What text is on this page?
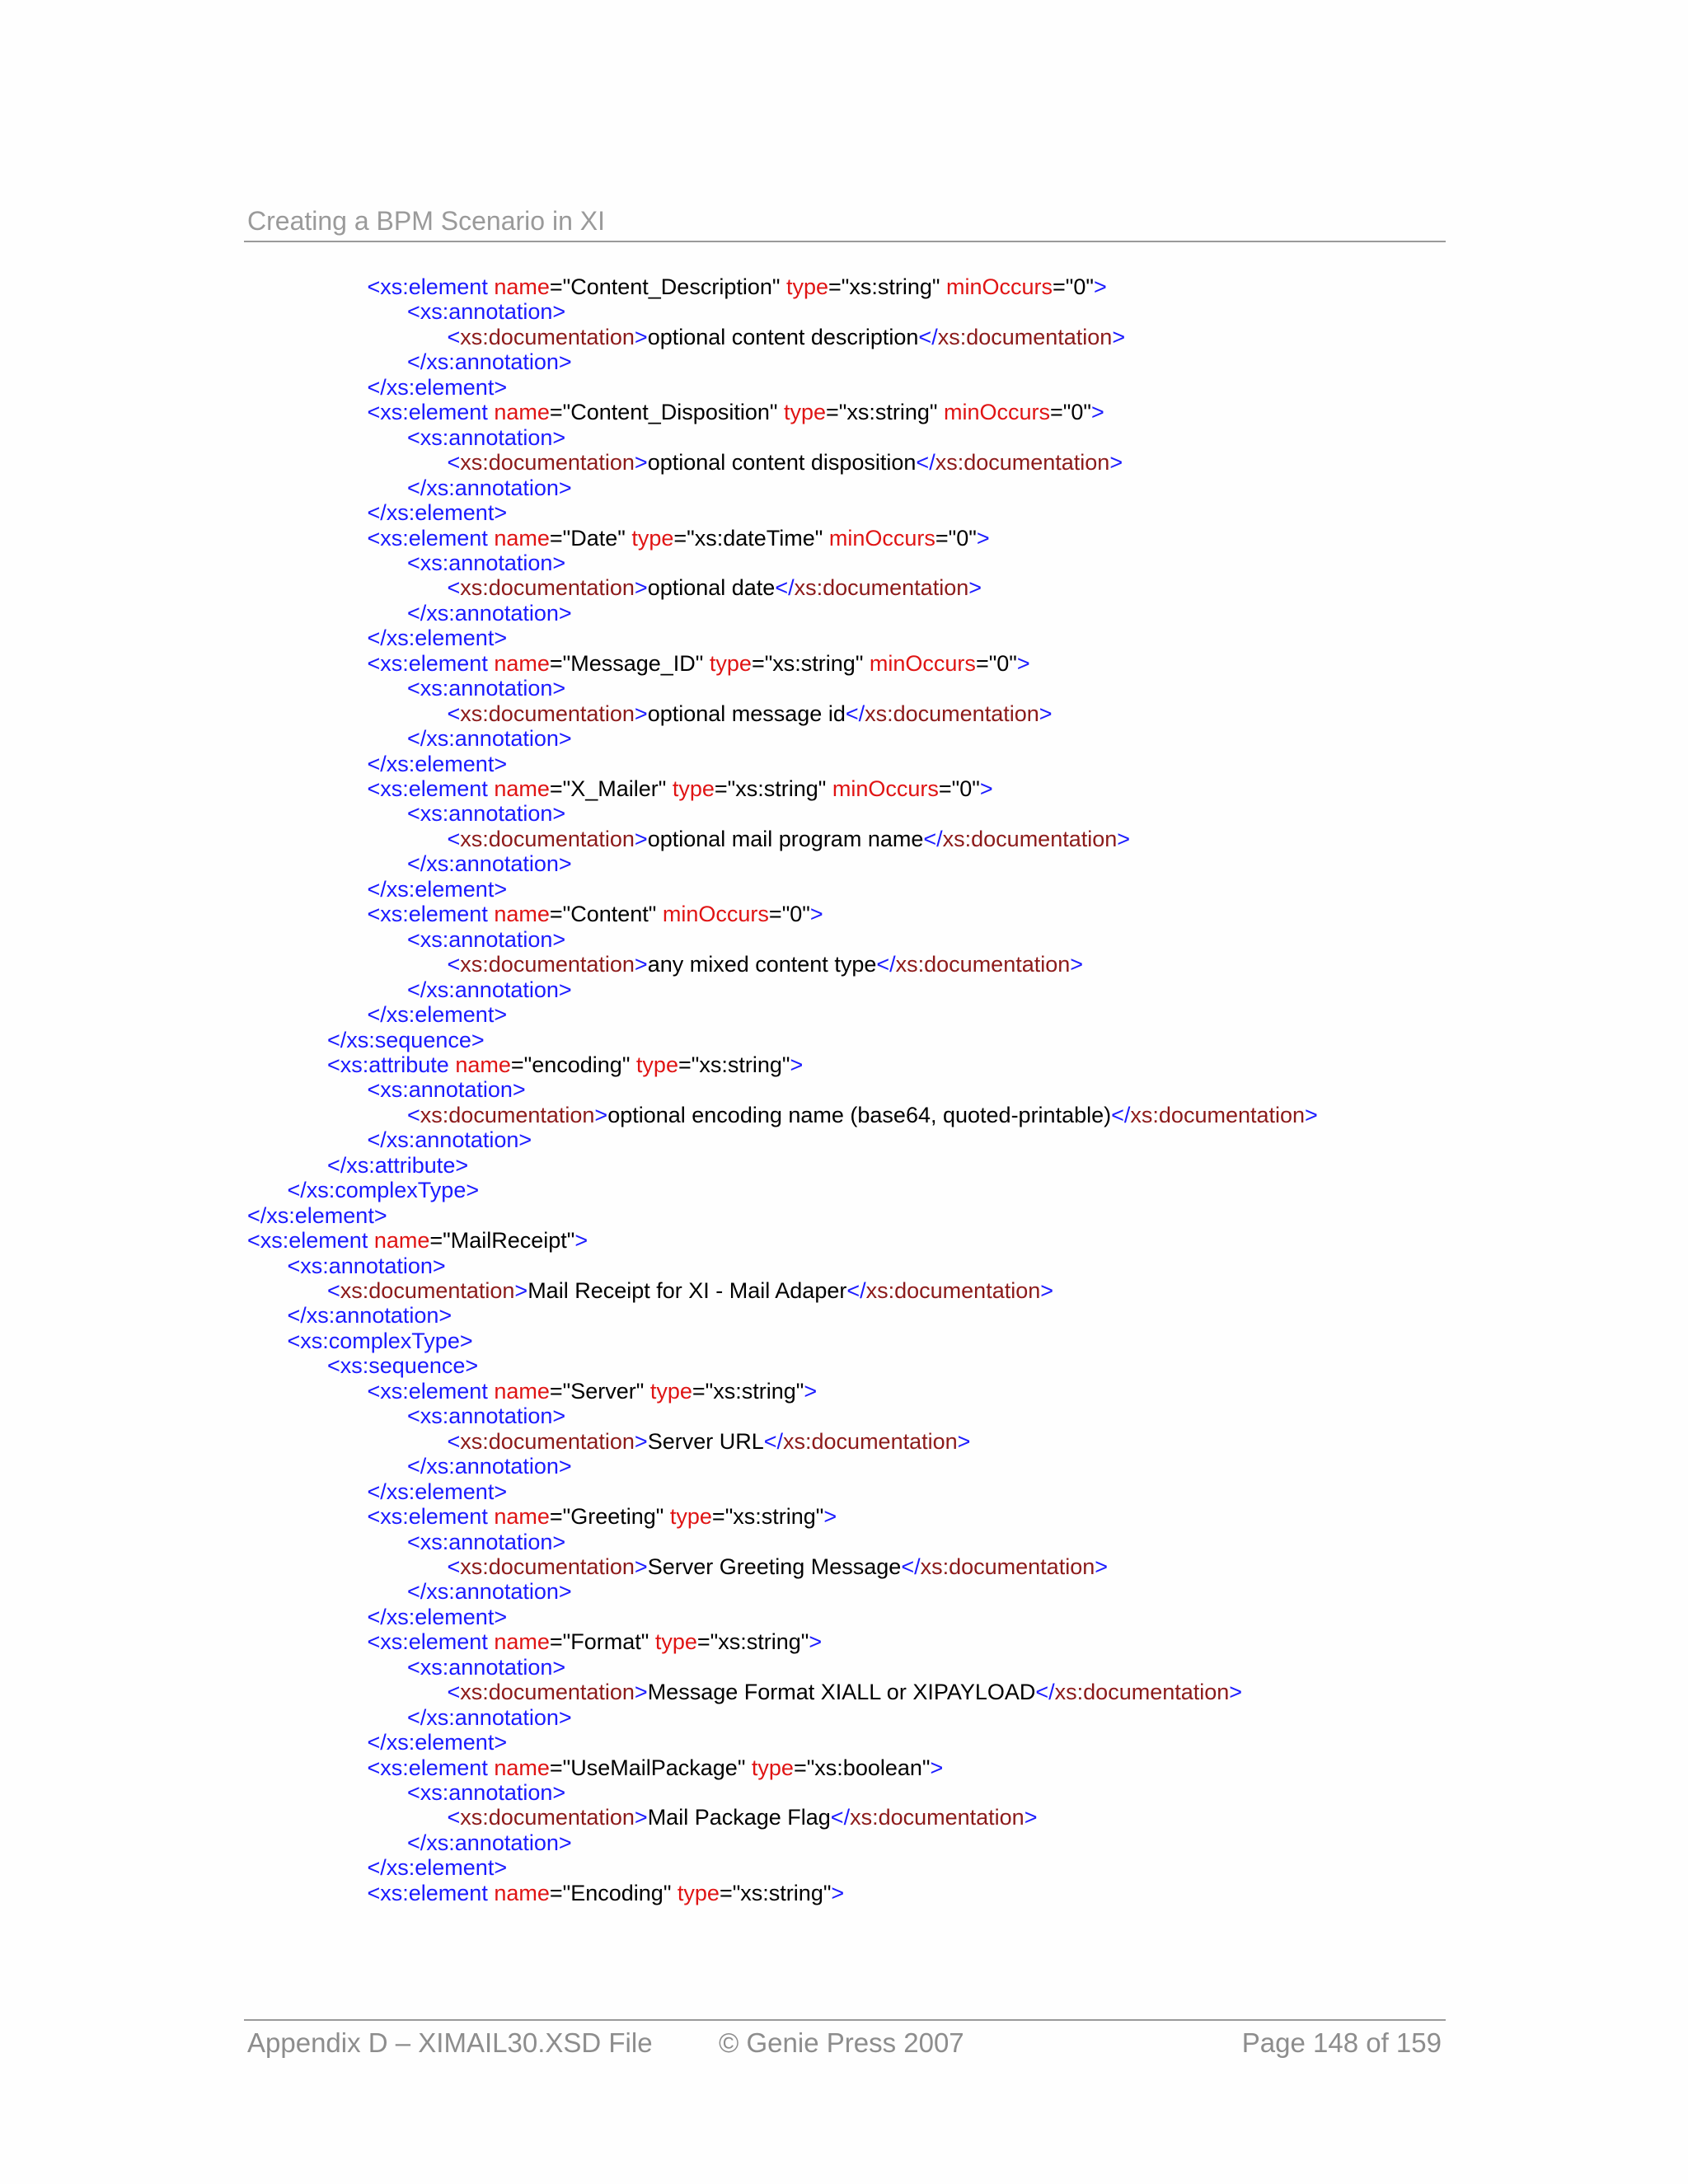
Creating a BPM Scenario in XI
<xs:element name="Content_Description" type="xs:string" minOccurs="0">
<xs:annotation>
<xs:documentation>optional content description</xs:documentation>
</xs:annotation>
</xs:element>
<xs:element name="Content_Disposition" type="xs:string" minOccurs="0">
<xs:annotation>
<xs:documentation>optional content disposition</xs:documentation>
</xs:annotation>
</xs:element>
<xs:element name="Date" type="xs:dateTime" minOccurs="0">
<xs:annotation>
<xs:documentation>optional date</xs:documentation>
</xs:annotation>
</xs:element>
<xs:element name="Message_ID" type="xs:string" minOccurs="0">
<xs:annotation>
<xs:documentation>optional message id</xs:documentation>
</xs:annotation>
</xs:element>
<xs:element name="X_Mailer" type="xs:string" minOccurs="0">
<xs:annotation>
<xs:documentation>optional mail program name</xs:documentation>
</xs:annotation>
</xs:element>
<xs:element name="Content" minOccurs="0">
<xs:annotation>
<xs:documentation>any mixed content type</xs:documentation>
</xs:annotation>
</xs:element>
</xs:sequence>
<xs:attribute name="encoding" type="xs:string">
<xs:annotation>
<xs:documentation>optional encoding name (base64, quoted-printable)</xs:documentation>
</xs:annotation>
</xs:attribute>
</xs:complexType>
</xs:element>
<xs:element name="MailReceipt">
<xs:annotation>
<xs:documentation>Mail Receipt for XI - Mail Adaper</xs:documentation>
</xs:annotation>
<xs:complexType>
<xs:sequence>
<xs:element name="Server" type="xs:string">
<xs:annotation>
<xs:documentation>Server URL</xs:documentation>
</xs:annotation>
</xs:element>
<xs:element name="Greeting" type="xs:string">
<xs:annotation>
<xs:documentation>Server Greeting Message</xs:documentation>
</xs:annotation>
</xs:element>
<xs:element name="Format" type="xs:string">
<xs:annotation>
<xs:documentation>Message Format XIALL or XIPAYLOAD</xs:documentation>
</xs:annotation>
</xs:element>
<xs:element name="UseMailPackage" type="xs:boolean">
<xs:annotation>
<xs:documentation>Mail Package Flag</xs:documentation>
</xs:annotation>
</xs:element>
<xs:element name="Encoding" type="xs:string">
Appendix D – XIMAIL30.XSD File © Genie Press 2007	Page 148 of 159
